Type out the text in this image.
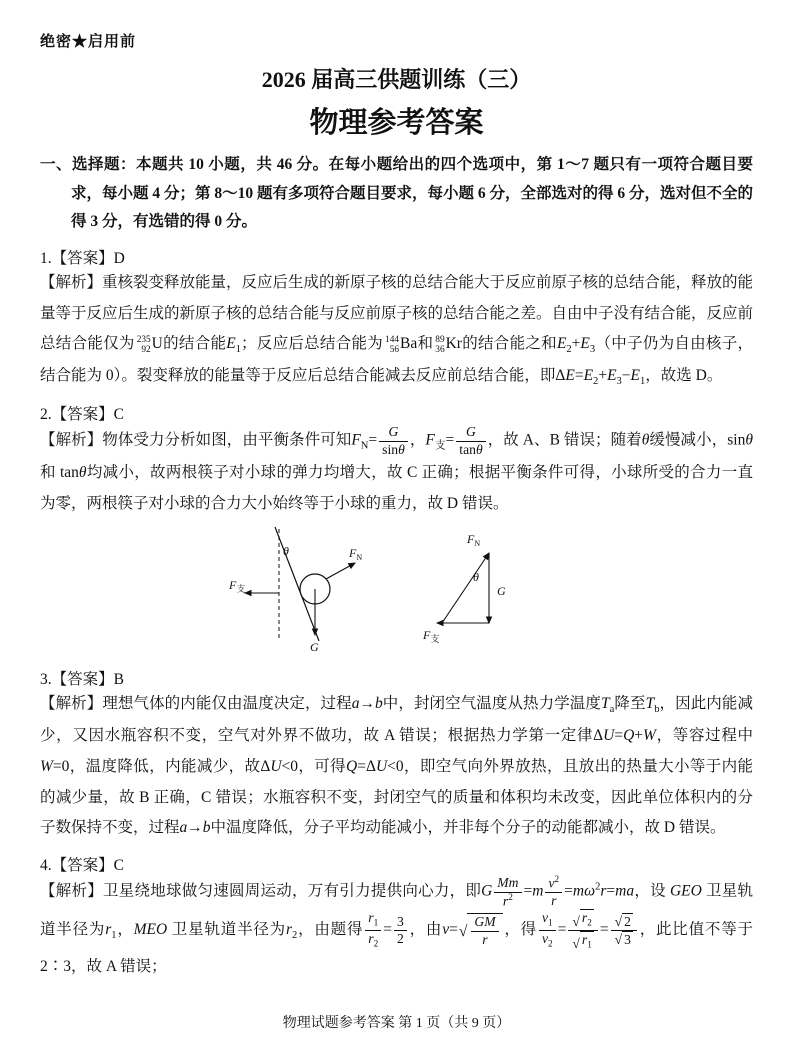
绝密★启用前
2026 届高三供题训练（三）
物理参考答案

一、选择题：本题共 10 小题，共 46 分。在每小题给出的四个选项中，第 1～7 题只有一项符合题目要求，每小题 4 分；第 8～10 题有多项符合题目要求，每小题 6 分，全部选对的得 6 分，选对但不全的得 3 分，有选错的得 0 分。

1.【答案】D

【解析】重核裂变释放能量，反应后生成的新原子核的总结合能大于反应前原子核的总结合能，释放的能量等于反应后生成的新原子核的总结合能与反应前原子核的总结合能之差。自由中子没有结合能，反应前总结合能仅为 235
92 U的结合能$E_1$；反应后总结合能为 144
56 Ba和 89
36 Kr的结合能之和$E_2+E_3$（中子仍为自由核子，结合能为 0）。裂变释放的能量等于反应后总结合能减去反应前总结合能，即$\Delta E=E_2+E_3-E_1$，故选 D。

2.【答案】C

【解析】物体受力分析如图，由平衡条件可知$F_N= \frac{G}{\sin\theta}$ ，$F_支= \frac{G}{\tan\theta}$ ，故 A、B 错误；随着θ缓慢减小，sinθ和 tanθ均减小，故两根筷子对小球的弹力均增大，故 C 正确；根据平衡条件可得，小球所受的合力一直为零，两根筷子对小球的合力大小始终等于小球的重力，故 D 错误。

θ	$F_N$
$F_支$
G
$F_N$
θ
G
$F_支$

3.【答案】B

【解析】理想气体的内能仅由温度决定，过程a→b中，封闭空气温度从热力学温度$T_a$降至$T_b$，因此内能减少，又因水瓶容积不变，空气对外界不做功，故 A 错误；根据热力学第一定律ΔU=Q+W，等容过程中W=0，温度降低，内能减少，故ΔU<0，可得Q=ΔU<0，即空气向外界放热，且放出的热量大小等于内能的减少量，故 B 正确，C 错误；水瓶容积不变，封闭空气的质量和体积均未改变，因此单位体积内的分子数保持不变，过程a→b中温度降低，分子平均动能减小，并非每个分子的动能都减小，故 D 错误。

4.【答案】C

【解析】卫星绕地球做匀速圆周运动，万有引力提供向心力，即G $\frac{Mm}{r^2} =m \frac{v^2}{r} =m\omega^2r=ma$，设 GEO 卫星轨道半径为$r_1$，MEO 卫星轨道半径为$r_2$，由题得 $\frac{r_1}{r_2} = \frac{3}{2}$ ，由v= √ $\frac{GM}{r}$ ，得 $\frac{v_1}{v_2} = \frac{√ r_2}{√ r_1} = \frac{√ 2}{√ 3}$ ，此比值不等于 2∶3，故 A 错误；

物理试题参考答案 第 1 页（共 9 页）
